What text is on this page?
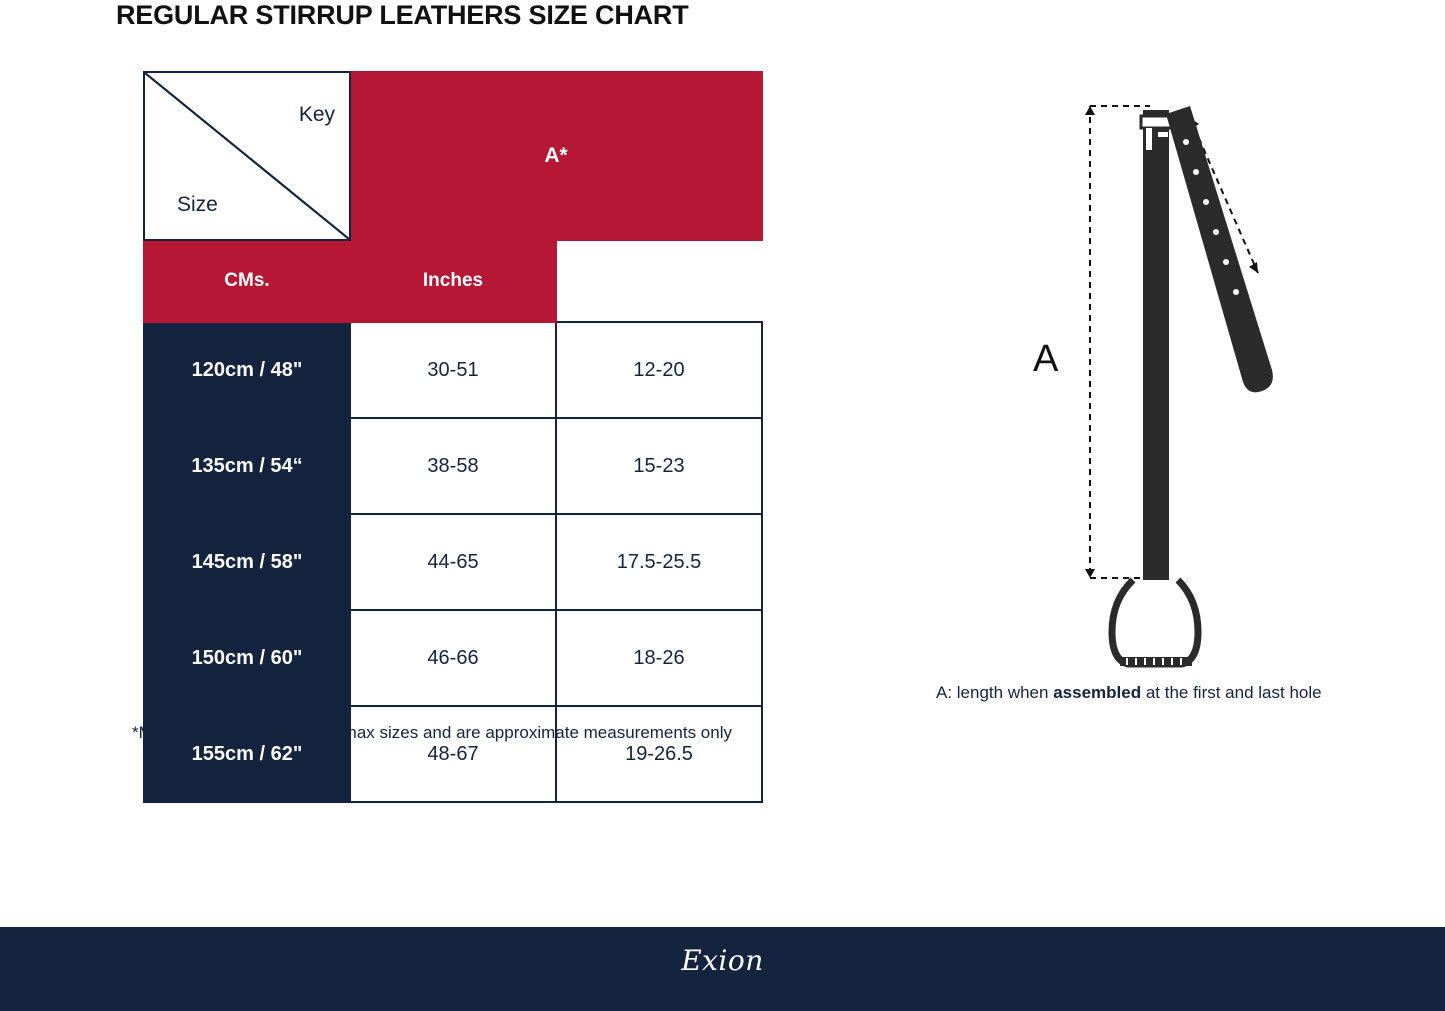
REGULAR STIRRUP LEATHERS SIZE CHART
Key
Size	A*	
CMs.	Inches	
120cm / 48"	30-51	12-20
135cm / 54“	38-58	15-23
145cm / 58"	44-65	17.5-25.5
150cm / 60"	46-66	18-26
155cm / 62"	48-67	19-26.5
*Measurements are for min-max sizes and are approximate measurements only
A
A: length when assembled at the first and last hole
Exion
